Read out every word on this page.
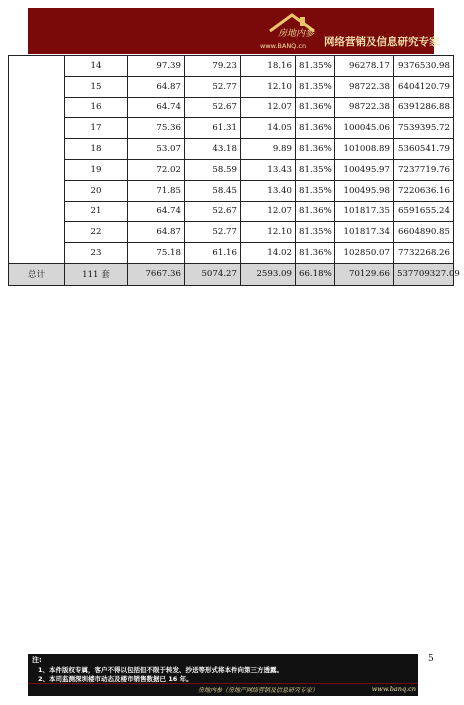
房地内参
www.BANQ.cn 网络营销及信息研究专家
	14	97.39	79.23	18.16	81.35%	96278.17	9376530.98
	15	64.87	52.77	12.10	81.35%	98722.38	6404120.79
	16	64.74	52.67	12.07	81.36%	98722.38	6391286.88
	17	75.36	61.31	14.05	81.36%	100045.06	7539395.72
	18	53.07	43.18	9.89	81.36%	101008.89	5360541.79
	19	72.02	58.59	13.43	81.35%	100495.97	7237719.76
	20	71.85	58.45	13.40	81.35%	100495.98	7220636.16
	21	64.74	52.67	12.07	81.36%	101817.35	6591655.24
	22	64.87	52.77	12.10	81.35%	101817.34	6604890.85
	23	75.18	61.16	14.02	81.36%	102850.07	7732268.26
总计	111 套	7667.36	5074.27	2593.09	66.18%	70129.66	537709327.09
注:
1、本件版权专属，客户不得以包括但不限于转发、抄送等形式将本件向第三方透露。
2、本司监测深圳楼市动态及楼市销售数据已 16 年。
房地内参（房地产网络营销及信息研究专家）	www.banq.cn
5
